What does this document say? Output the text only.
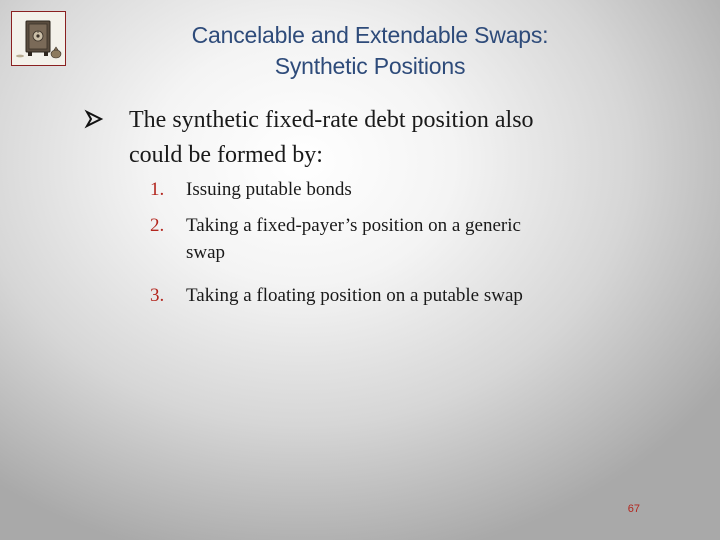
Cancelable and Extendable Swaps:
Synthetic Positions
The synthetic fixed-rate debt position also
could be formed by:
1. Issuing putable bonds
2. Taking a fixed-payer’s position on a generic
swap
3. Taking a floating position on a putable swap
67
